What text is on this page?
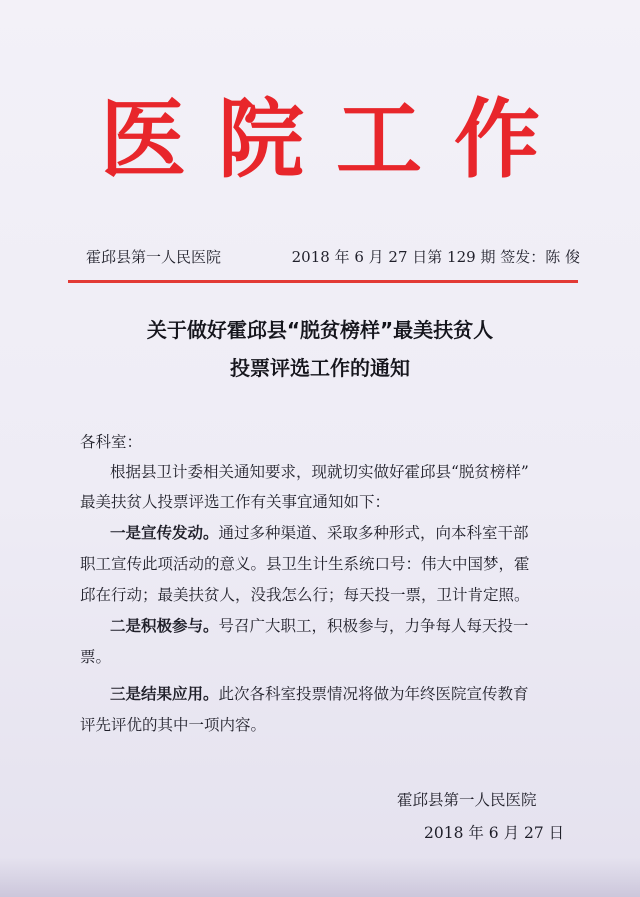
医 院 工 作
霍邱县第一人民医院	2018 年 6 月 27 日第 129 期 签发：陈 俊
关于做好霍邱县“脱贫榜样”最美扶贫人
投票评选工作的通知
各科室：
根据县卫计委相关通知要求，现就切实做好霍邱县“脱贫榜样”
最美扶贫人投票评选工作有关事宜通知如下：
一是宣传发动。通过多种渠道、采取多种形式，向本科室干部
职工宣传此项活动的意义。县卫生计生系统口号：伟大中国梦，霍
邱在行动；最美扶贫人，没我怎么行；每天投一票，卫计肯定照。
二是积极参与。号召广大职工，积极参与，力争每人每天投一
票。
三是结果应用。此次各科室投票情况将做为年终医院宣传教育
评先评优的其中一项内容。
霍邱县第一人民医院
2018 年 6 月 27 日
